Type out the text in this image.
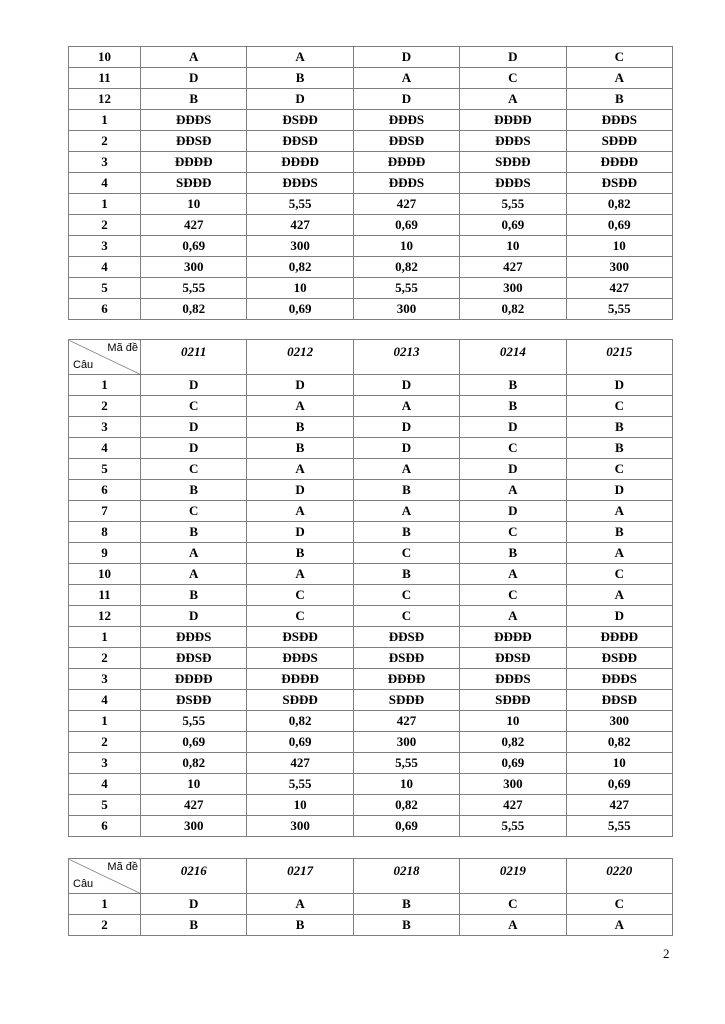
10	A	A	D	D	C
11	D	B	A	C	A
12	B	D	D	A	B
1	ĐĐĐS	ĐSĐĐ	ĐĐĐS	ĐĐĐĐ	ĐĐĐS
2	ĐĐSĐ	ĐĐSĐ	ĐĐSĐ	ĐĐĐS	SĐĐĐ
3	ĐĐĐĐ	ĐĐĐĐ	ĐĐĐĐ	SĐĐĐ	ĐĐĐĐ
4	SĐĐĐ	ĐĐĐS	ĐĐĐS	ĐĐĐS	ĐSĐĐ
1	10	5,55	427	5,55	0,82
2	427	427	0,69	0,69	0,69
3	0,69	300	10	10	10
4	300	0,82	0,82	427	300
5	5,55	10	5,55	300	427
6	0,82	0,69	300	0,82	5,55
Mã đề
Câu	0211	0212	0213	0214	0215
1	D	D	D	B	D
2	C	A	A	B	C
3	D	B	D	D	B
4	D	B	D	C	B
5	C	A	A	D	C
6	B	D	B	A	D
7	C	A	A	D	A
8	B	D	B	C	B
9	A	B	C	B	A
10	A	A	B	A	C
11	B	C	C	C	A
12	D	C	C	A	D
1	ĐĐĐS	ĐSĐĐ	ĐĐSĐ	ĐĐĐĐ	ĐĐĐĐ
2	ĐĐSĐ	ĐĐĐS	ĐSĐĐ	ĐĐSĐ	ĐSĐĐ
3	ĐĐĐĐ	ĐĐĐĐ	ĐĐĐĐ	ĐĐĐS	ĐĐĐS
4	ĐSĐĐ	SĐĐĐ	SĐĐĐ	SĐĐĐ	ĐĐSĐ
1	5,55	0,82	427	10	300
2	0,69	0,69	300	0,82	0,82
3	0,82	427	5,55	0,69	10
4	10	5,55	10	300	0,69
5	427	10	0,82	427	427
6	300	300	0,69	5,55	5,55
Mã đề
Câu	0216	0217	0218	0219	0220
1	D	A	B	C	C
2	B	B	B	A	A
2
